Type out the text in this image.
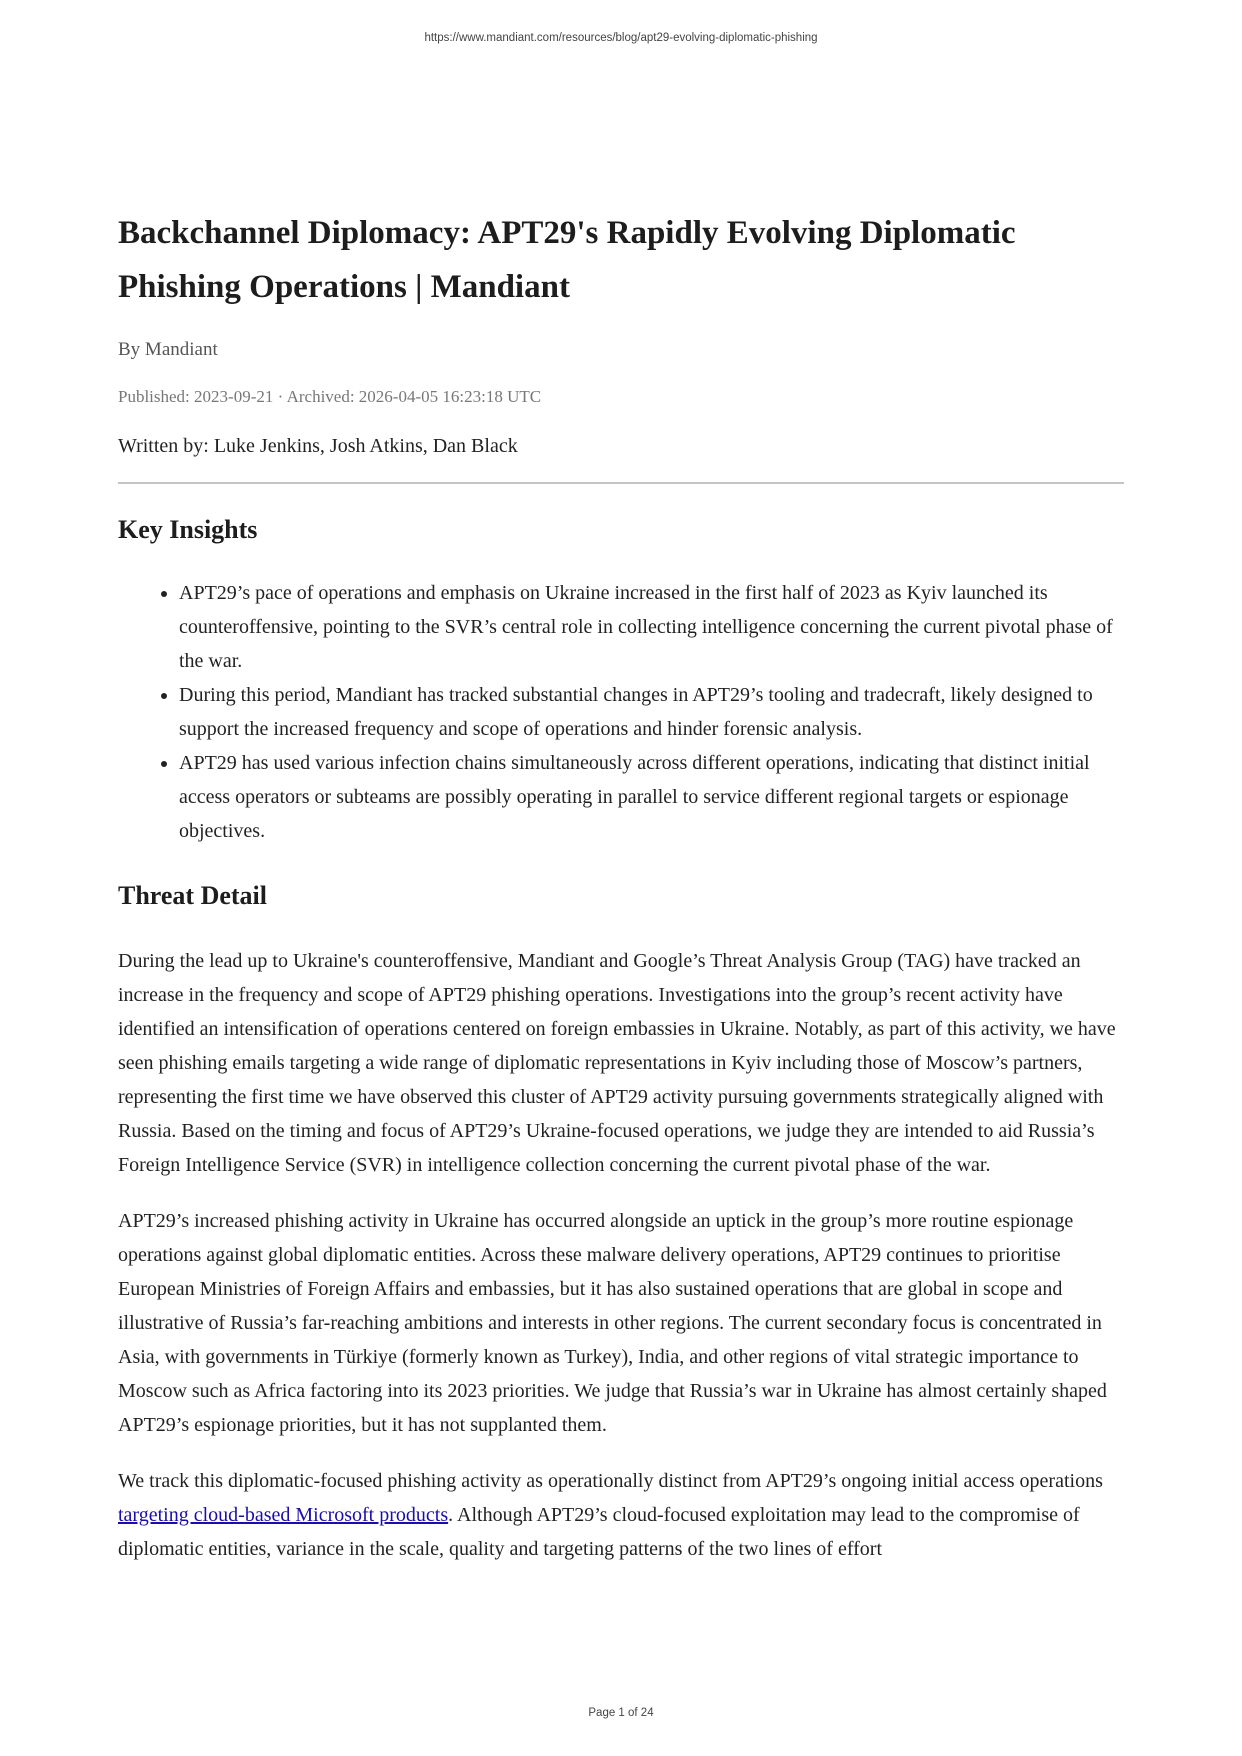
https://www.mandiant.com/resources/blog/apt29-evolving-diplomatic-phishing
Backchannel Diplomacy: APT29's Rapidly Evolving Diplomatic Phishing Operations | Mandiant
By Mandiant
Published: 2023-09-21 · Archived: 2026-04-05 16:23:18 UTC
Written by: Luke Jenkins, Josh Atkins, Dan Black
Key Insights
• APT29’s pace of operations and emphasis on Ukraine increased in the first half of 2023 as Kyiv launched its counteroffensive, pointing to the SVR’s central role in collecting intelligence concerning the current pivotal phase of the war.
• During this period, Mandiant has tracked substantial changes in APT29’s tooling and tradecraft, likely designed to support the increased frequency and scope of operations and hinder forensic analysis.
• APT29 has used various infection chains simultaneously across different operations, indicating that distinct initial access operators or subteams are possibly operating in parallel to service different regional targets or espionage objectives.
Threat Detail

During the lead up to Ukraine's counteroffensive, Mandiant and Google’s Threat Analysis Group (TAG) have tracked an increase in the frequency and scope of APT29 phishing operations. Investigations into the group’s recent activity have identified an intensification of operations centered on foreign embassies in Ukraine. Notably, as part of this activity, we have seen phishing emails targeting a wide range of diplomatic representations in Kyiv including those of Moscow’s partners, representing the first time we have observed this cluster of APT29 activity pursuing governments strategically aligned with Russia. Based on the timing and focus of APT29’s Ukraine-focused operations, we judge they are intended to aid Russia’s Foreign Intelligence Service (SVR) in intelligence collection concerning the current pivotal phase of the war.

APT29’s increased phishing activity in Ukraine has occurred alongside an uptick in the group’s more routine espionage operations against global diplomatic entities. Across these malware delivery operations, APT29 continues to prioritise European Ministries of Foreign Affairs and embassies, but it has also sustained operations that are global in scope and illustrative of Russia’s far-reaching ambitions and interests in other regions. The current secondary focus is concentrated in Asia, with governments in Türkiye (formerly known as Turkey), India, and other regions of vital strategic importance to Moscow such as Africa factoring into its 2023 priorities. We judge that Russia’s war in Ukraine has almost certainly shaped APT29’s espionage priorities, but it has not supplanted them.

We track this diplomatic-focused phishing activity as operationally distinct from APT29’s ongoing initial access operations targeting cloud-based Microsoft products. Although APT29’s cloud-focused exploitation may lead to the compromise of diplomatic entities, variance in the scale, quality and targeting patterns of the two lines of effort

Page 1 of 24
